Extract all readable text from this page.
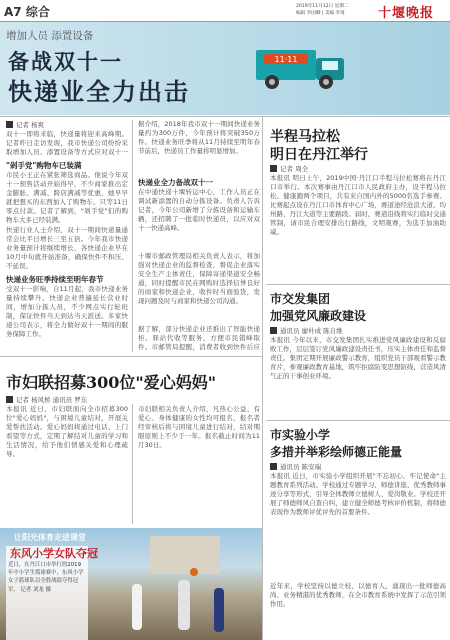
A7 综合	2019年11月12日 星期二
编辑 李国卿 | 美编 李琦	十堰晚报
增加人员 添置设备
备战双十一
快递业全力出击
11·11
记者 杨爽
双十一即将来临，快递量将迎来高峰期。记者昨日走访发现，我市快递公司纷纷采取增加人员、添置设备等方式应对双十一
"剁手党"购物车已装满
市民小王正在紧张筛选商品。他说今年双十一预售活动开始得早，不少商家推出定金膨胀、满减、跨店满减等优惠，她早早就把想买的东西加入了购物车，只等11日零点付款。记者了解到，"剁手党"们的购物车大多已经装满。
快递行业人士介绍，双十一期间快递量通常会比平日增长三至五倍。今年我市快递业务量预计将继续增长，各快递企业早在10月中旬就开始准备，确保快件不积压、不延误。
快递业务旺季持续至明年春节
受双十一影响，自11月起，我市快递业务量持续攀升。快递企业普遍延长营业时间，增加分拣人员，不少网点实行轮班制，保证快件当天到达当天派送。多家快递公司表示，将全力做好双十一期间的服务保障工作。
据介绍，2018年我市双十一期间快递业务量约为300万件，今年预计将突破350万件。快递业务旺季将从11月持续至明年春节前后，快递员工作量将明显增加。
快递业全力备战双十一
在中通快递十堰转运中心，工作人员正在调试新添置的自动分拣设备。负责人告诉记者，今年公司新增了分拣设备和运输车辆，还招聘了一批临时快递员，以应对双十一快递高峰。
十堰市邮政管理局相关负责人表示，将加强对快递企业的监督检查，督促企业落实安全生产主体责任，保障寄递渠道安全畅通，同时提醒市民在网购时选择信誉良好的商家和快递企业，收件时当面验货，发现问题及时与商家和快递公司沟通。
据了解，部分快递企业还推出了智能快递柜、驿站代收等服务，方便市民错峰取件。市邮管局提醒，消费者收到快件后应
市妇联招募300位"爱心妈妈"
记者 杨风桥 通讯员 罗东
本报讯 近日，市妇联面向全市招募300位"爱心妈妈"，与困境儿童结对，开展关爱帮扶活动。爱心妈妈将通过电话、上门看望等方式，定期了解结对儿童的学习和生活情况，给予他们情感关爱和心理疏导。
市妇联相关负责人介绍，凡热心公益、有爱心、身体健康的女性均可报名，报名者经审核后将与困境儿童进行结对，结对期限原则上不少于一年。报名截止时间为11月30日。
让阳光体育走进课堂
东风小学女队夺冠
近日，在丹江口市举行的2019年中小学生篮球赛中，东风小学女子篮球队以全胜战绩夺得冠军。 记者 刘龙 摄
半程马拉松
明日在丹江举行
记者 周全
本报讯 明日上午，2019中国·丹江口半程马拉松赛将在丹江口市举行。本次赛事由丹江口市人民政府主办，设半程马拉松、健康跑两个项目，共有来自国内外的5000名选手参赛。比赛起点设在丹江口市体育中心广场，赛道途经沧浪大道、均州路、丹江大道等主要路段。届时，赛道沿线将实行临时交通管制，请市民合理安排出行路线，文明观赛，为选手加油助威。
市交发集团
加强党风廉政建设
通讯员 廖朴成 陈自维
本报讯 今年以来，市交发集团扎实推进党风廉政建设和反腐败工作，层层签订党风廉政建设责任书，压实主体责任和监督责任。集团定期开展廉政警示教育，组织党员干部观看警示教育片，参观廉政教育基地，筑牢拒腐防变思想防线，营造风清气正的干事创业环境。
市实验小学
多措并举彩绘师德正能量
通讯员 陈安瑞
本报讯 近日，市实验小学组织开展"不忘初心、牢记使命"主题教育系列活动。学校通过专题学习、师德讲座、优秀教师事迹分享等形式，引导全体教师立德树人、爱岗敬业。学校还开展了师德师风自查自纠，建立健全师德考核评价机制，将师德表现作为教师评优评先的首要条件。
近年来，学校坚持以德立校、以德育人，涌现出一批师德高尚、业务精湛的优秀教师，在全市教育系统中发挥了示范引领作用。
